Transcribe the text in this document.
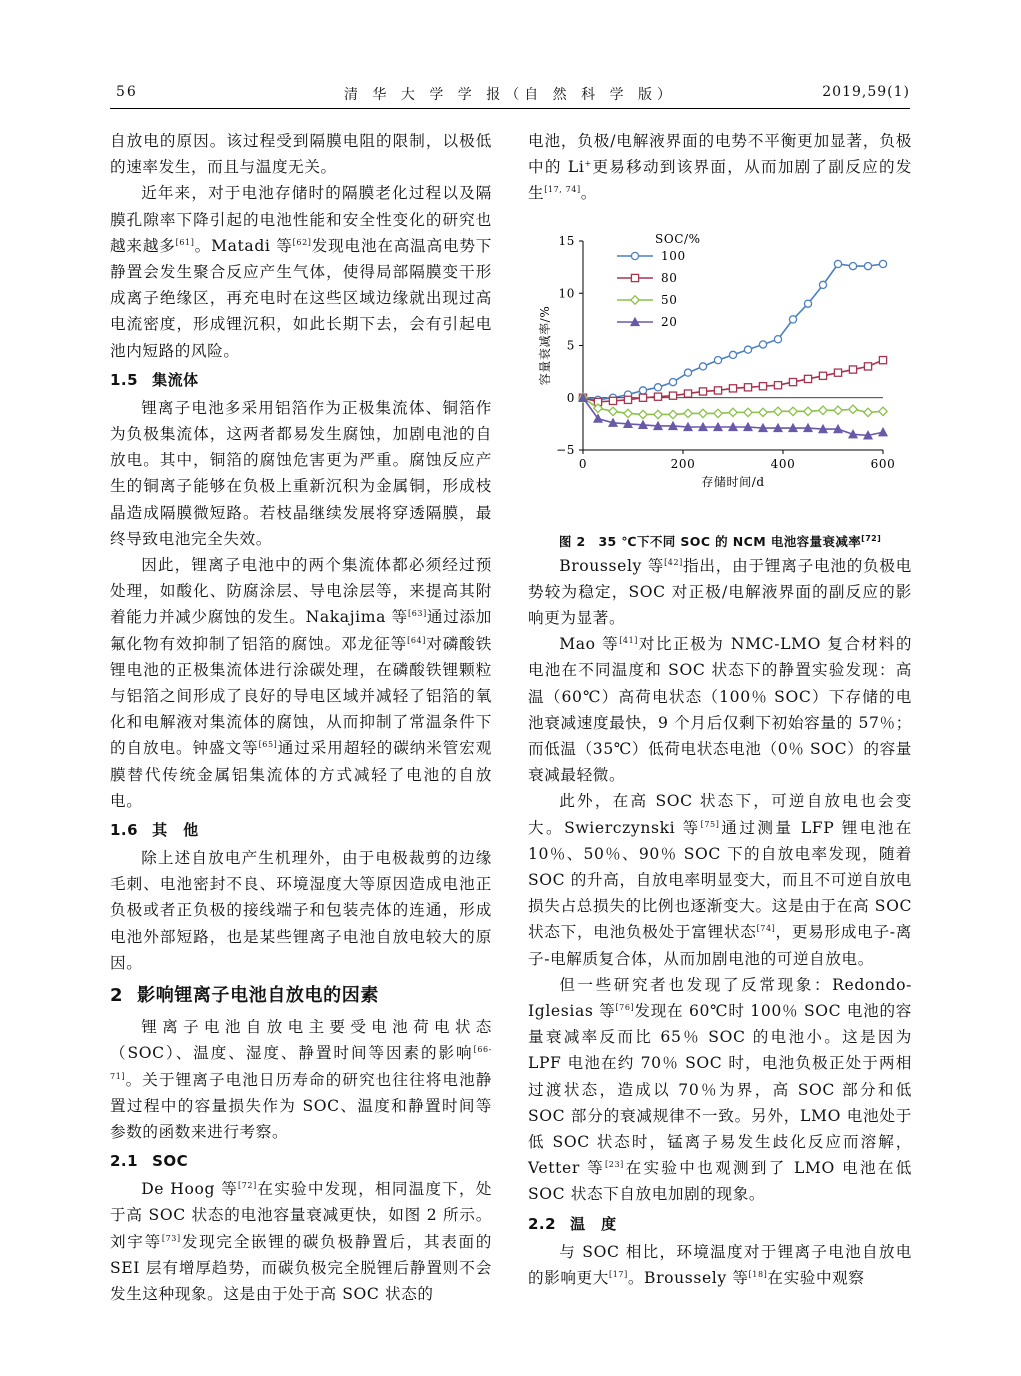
56	清 华 大 学 学 报（自 然 科 学 版）	2019,59(1)

自放电的原因。该过程受到隔膜电阻的限制，以极低的速率发生，而且与温度无关。

近年来，对于电池存储时的隔膜老化过程以及隔膜孔隙率下降引起的电池性能和安全性变化的研究也越来越多[61]。Matadi 等[62]发现电池在高温高电势下静置会发生聚合反应产生气体，使得局部隔膜变干形成离子绝缘区，再充电时在这些区域边缘就出现过高电流密度，形成锂沉积，如此长期下去，会有引起电池内短路的风险。

1.5 集流体

锂离子电池多采用铝箔作为正极集流体、铜箔作为负极集流体，这两者都易发生腐蚀，加剧电池的自放电。其中，铜箔的腐蚀危害更为严重。腐蚀反应产生的铜离子能够在负极上重新沉积为金属铜，形成枝晶造成隔膜微短路。若枝晶继续发展将穿透隔膜，最终导致电池完全失效。

因此，锂离子电池中的两个集流体都必须经过预处理，如酸化、防腐涂层、导电涂层等，来提高其附着能力并减少腐蚀的发生。Nakajima 等[63]通过添加氟化物有效抑制了铝箔的腐蚀。邓龙征等[64]对磷酸铁锂电池的正极集流体进行涂碳处理，在磷酸铁锂颗粒与铝箔之间形成了良好的导电区域并减轻了铝箔的氧化和电解液对集流体的腐蚀，从而抑制了常温条件下的自放电。钟盛文等[65]通过采用超轻的碳纳米管宏观膜替代传统金属铝集流体的方式减轻了电池的自放电。

1.6 其　他

除上述自放电产生机理外，由于电极裁剪的边缘毛刺、电池密封不良、环境湿度大等原因造成电池正负极或者正负极的接线端子和包装壳体的连通，形成电池外部短路，也是某些锂离子电池自放电较大的原因。

2 影响锂离子电池自放电的因素

锂离子电池自放电主要受电池荷电状态（SOC）、温度、湿度、静置时间等因素的影响[66-71]。关于锂离子电池日历寿命的研究也往往将电池静置过程中的容量损失作为 SOC、温度和静置时间等参数的函数来进行考察。

2.1 SOC

De Hoog 等[72]在实验中发现，相同温度下，处于高 SOC 状态的电池容量衰减更快，如图 2 所示。刘宇等[73]发现完全嵌锂的碳负极静置后，其表面的 SEI 层有增厚趋势，而碳负极完全脱锂后静置则不会发生这种现象。这是由于处于高 SOC 状态的

电池，负极/电解液界面的电势不平衡更加显著，负极中的 Li+更易移动到该界面，从而加剧了副反应的发生[17, 74]。

−5
0
5
10
15
0	200	400	600
存储时间/d
容量衰减率/%
SOC/%
100
80
50
20

图 2　35 ℃下不同 SOC 的 NCM 电池容量衰减率[72]

Broussely 等[42]指出，由于锂离子电池的负极电势较为稳定，SOC 对正极/电解液界面的副反应的影响更为显著。

Mao 等[41]对比正极为 NMC-LMO 复合材料的电池在不同温度和 SOC 状态下的静置实验发现：高温（60℃）高荷电状态（100％ SOC）下存储的电池衰减速度最快，9 个月后仅剩下初始容量的 57％；而低温（35℃）低荷电状态电池（0％ SOC）的容量衰减最轻微。

此外，在高 SOC 状态下，可逆自放电也会变大。Swierczynski 等[75]通过测量 LFP 锂电池在 10％、50％、90％ SOC 下的自放电率发现，随着 SOC 的升高，自放电率明显变大，而且不可逆自放电损失占总损失的比例也逐渐变大。这是由于在高 SOC 状态下，电池负极处于富锂状态[74]，更易形成电子-离子-电解质复合体，从而加剧电池的可逆自放电。

但一些研究者也发现了反常现象：Redondo-Iglesias 等[76]发现在 60℃时 100％ SOC 电池的容量衰减率反而比 65％ SOC 的电池小。这是因为 LPF 电池在约 70％ SOC 时，电池负极正处于两相过渡状态，造成以 70％为界，高 SOC 部分和低 SOC 部分的衰减规律不一致。另外，LMO 电池处于低 SOC 状态时，锰离子易发生歧化反应而溶解，Vetter 等[23]在实验中也观测到了 LMO 电池在低 SOC 状态下自放电加剧的现象。

2.2 温　度

与 SOC 相比，环境温度对于锂离子电池自放电的影响更大[17]。Broussely 等[18]在实验中观察
